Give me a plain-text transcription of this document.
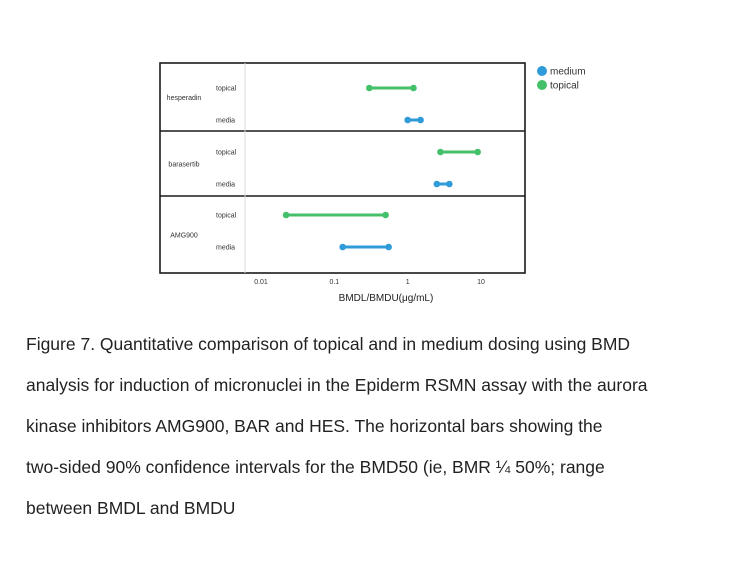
hesperadin
topical
media
barasertib
topical
media
AMG900
topical
media
0.01	0.1	1	10
BMDL/BMDU(μg/mL)
medium
topical
Figure 7. Quantitative comparison of topical and in medium dosing using BMD
analysis for induction of micronuclei in the Epiderm RSMN assay with the aurora
kinase inhibitors AMG900, BAR and HES. The horizontal bars showing the
two-sided 90% confidence intervals for the BMD50 (ie, BMR ¼ 50%; range
between BMDL and BMDU
